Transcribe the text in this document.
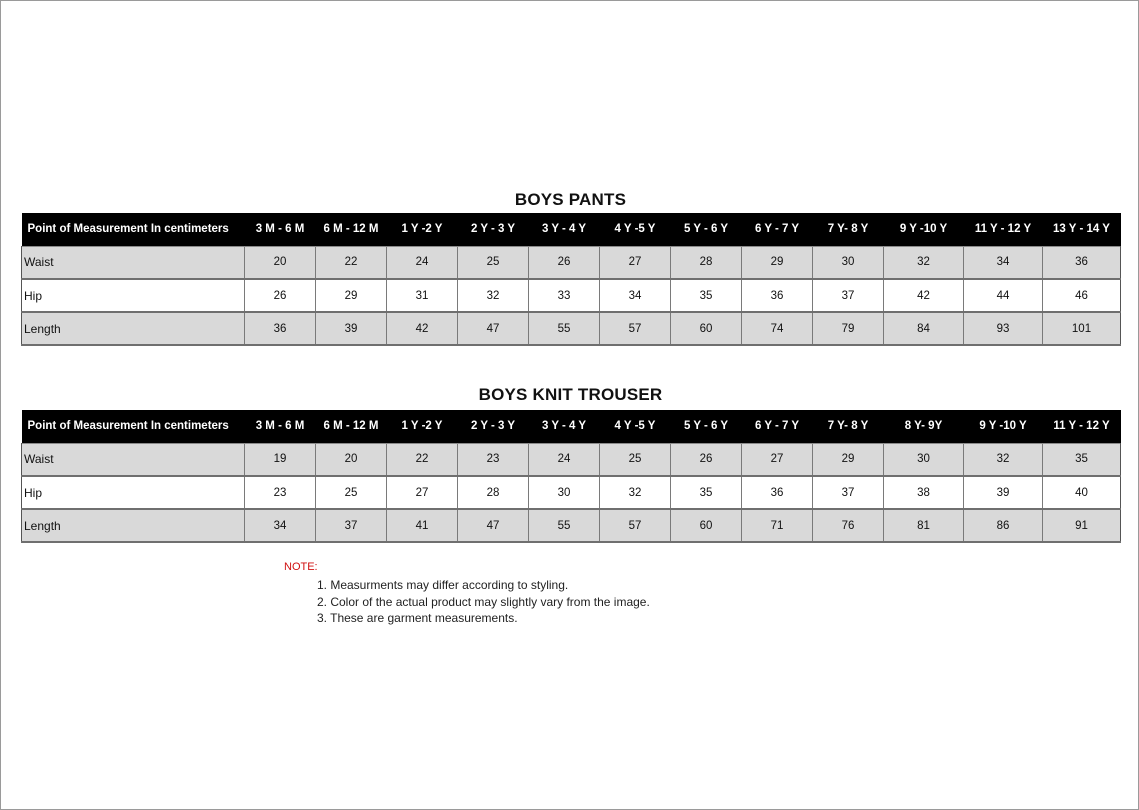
BOYS PANTS
Point of Measurement In centimeters	3 M - 6 M	6 M - 12 M	1 Y -2 Y	2 Y - 3 Y	3 Y - 4 Y	4 Y -5 Y	5 Y - 6 Y	6 Y - 7 Y	7 Y- 8 Y	9 Y -10 Y	11 Y - 12 Y	13 Y - 14 Y
Waist	20	22	24	25	26	27	28	29	30	32	34	36
Hip	26	29	31	32	33	34	35	36	37	42	44	46
Length	36	39	42	47	55	57	60	74	79	84	93	101
BOYS KNIT TROUSER
Point of Measurement In centimeters	3 M - 6 M	6 M - 12 M	1 Y -2 Y	2 Y - 3 Y	3 Y - 4 Y	4 Y -5 Y	5 Y - 6 Y	6 Y - 7 Y	7 Y- 8 Y	8 Y- 9Y	9 Y -10 Y	11 Y - 12 Y
Waist	19	20	22	23	24	25	26	27	29	30	32	35
Hip	23	25	27	28	30	32	35	36	37	38	39	40
Length	34	37	41	47	55	57	60	71	76	81	86	91
NOTE:
1. Measurments may differ according to styling.
2. Color of the actual product may slightly vary from the image.
3. These are garment measurements.
